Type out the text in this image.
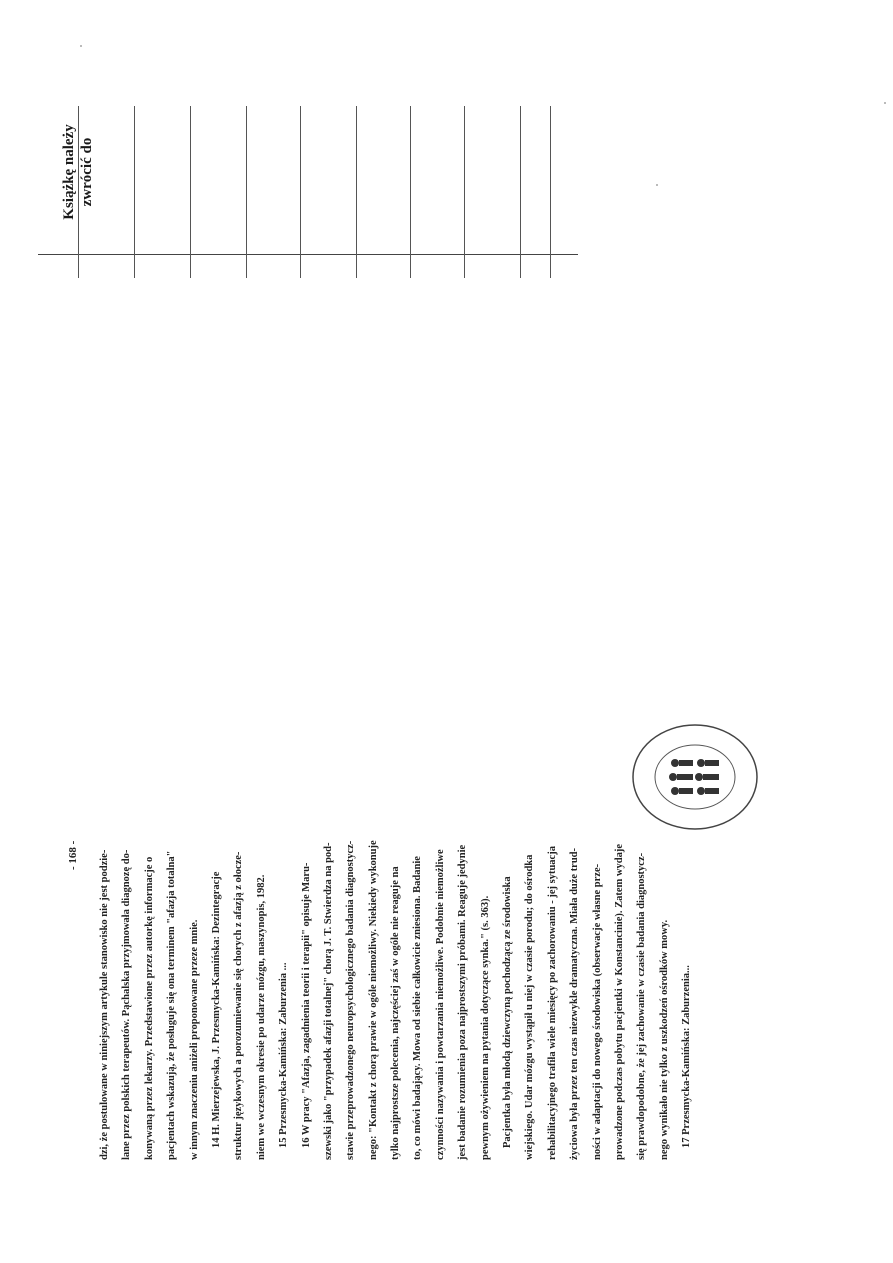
Książkę należy zwrócić do
- 168 -	dzi, że postulowane w niniejszym artykule stanowisko nie jest podzie-	lane przez polskich terapeutów. Pąchalska przyjmowała diagnozę do-	konywaną przez lekarzy. Przedstawione przez autorkę informacje o	pacjentach wskazują, że posługuje się ona terminem "afazja totalna"	w innym znaczeniu aniżeli proponowane przeze mnie.	14 H. Mierzejewska, J. Przesmycka-Kamińska: Dezintegracje	struktur językowych a porozumiewanie się chorych z afazją z ołocze-	niem we wczesnym okresie po udarze mózgu, maszynopis, 1982.	15 Przesmycka-Kamińska: Zaburzenia ...	16 W pracy "Afazja, zagadnienia teorii i terapii" opisuje Maru-	szewski jako "przypadek afazji totalnej" chorą J. T. Stwierdza na pod-	stawie przeprowadzonego neuropsychologicznego badania diagnostycz-	nego: "Kontakt z chorą prawie w ogóle niemożliwy. Niekiedy wykonuje	tylko najprostsze polecenia, najczęściej zaś w ogóle nie reaguje na	to, co mówi badający. Mowa od siebie całkowicie zniesiona. Badanie	czynności nazywania i powtarzania niemożliwe. Podobnie niemożliwe	jest badanie rozumienia poza najprostszymi próbami. Reaguje jedynie	pewnym ożywieniem na pytania dotyczące synka." (s. 363).	Pacjentka była młodą dziewczyną pochodzącą ze środowiska	wiejskiego. Udar mózgu wystąpił u niej w czasie porodu; do ośrodka	rehabilitacyjnego trafiła wiele miesięcy po zachorowaniu - jej sytuacja	życiowa była przez ten czas niezwykle dramatyczna. Miała duże trud-	ności w adaptacji do nowego środowiska (obserwacje własne prze-	prowadzone podczas pobytu pacjentki w Konstancinie). Zatem wydaje	się prawdopodobne, że jej zachowanie w czasie badania diagnostycz-	nego wynikało nie tylko z uszkodzeń ośrodków mowy.	17 Przesmycka-Kamińska: Zaburzenia...
